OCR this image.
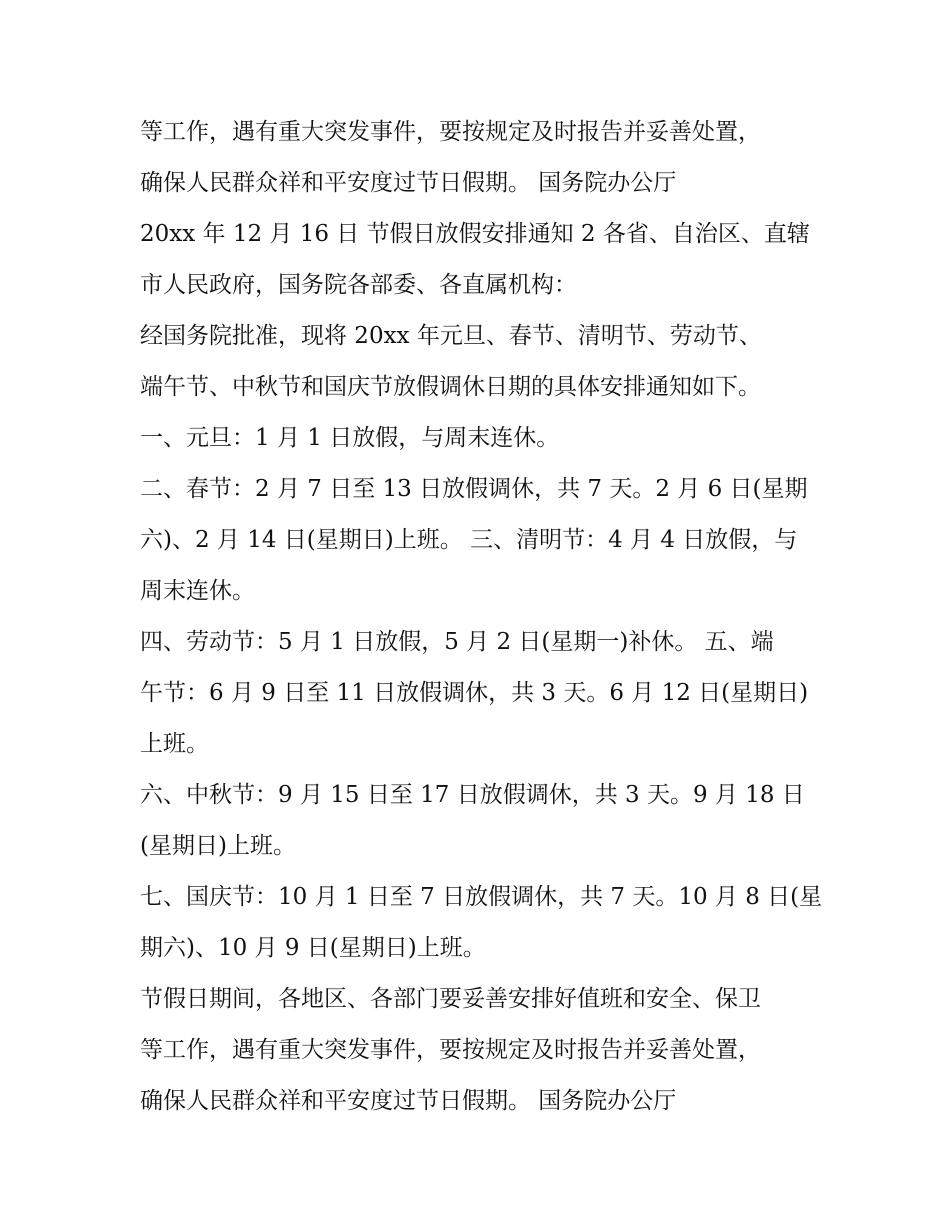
等工作，遇有重大突发事件，要按规定及时报告并妥善处置，
确保人民群众祥和平安度过节日假期。 国务院办公厅
20xx 年 12 月 16 日 节假日放假安排通知 2 各省、自治区、直辖
市人民政府，国务院各部委、各直属机构：
经国务院批准，现将 20xx 年元旦、春节、清明节、劳动节、
端午节、中秋节和国庆节放假调休日期的具体安排通知如下。
一、元旦：1 月 1 日放假，与周末连休。
二、春节：2 月 7 日至 13 日放假调休，共 7 天。2 月 6 日(星期
六)、2 月 14 日(星期日)上班。 三、清明节：4 月 4 日放假，与
周末连休。
四、劳动节：5 月 1 日放假，5 月 2 日(星期一)补休。 五、端
午节：6 月 9 日至 11 日放假调休，共 3 天。6 月 12 日(星期日)
上班。
六、中秋节：9 月 15 日至 17 日放假调休，共 3 天。9 月 18 日
(星期日)上班。
七、国庆节：10 月 1 日至 7 日放假调休，共 7 天。10 月 8 日(星
期六)、10 月 9 日(星期日)上班。
节假日期间，各地区、各部门要妥善安排好值班和安全、保卫
等工作，遇有重大突发事件，要按规定及时报告并妥善处置，
确保人民群众祥和平安度过节日假期。 国务院办公厅
